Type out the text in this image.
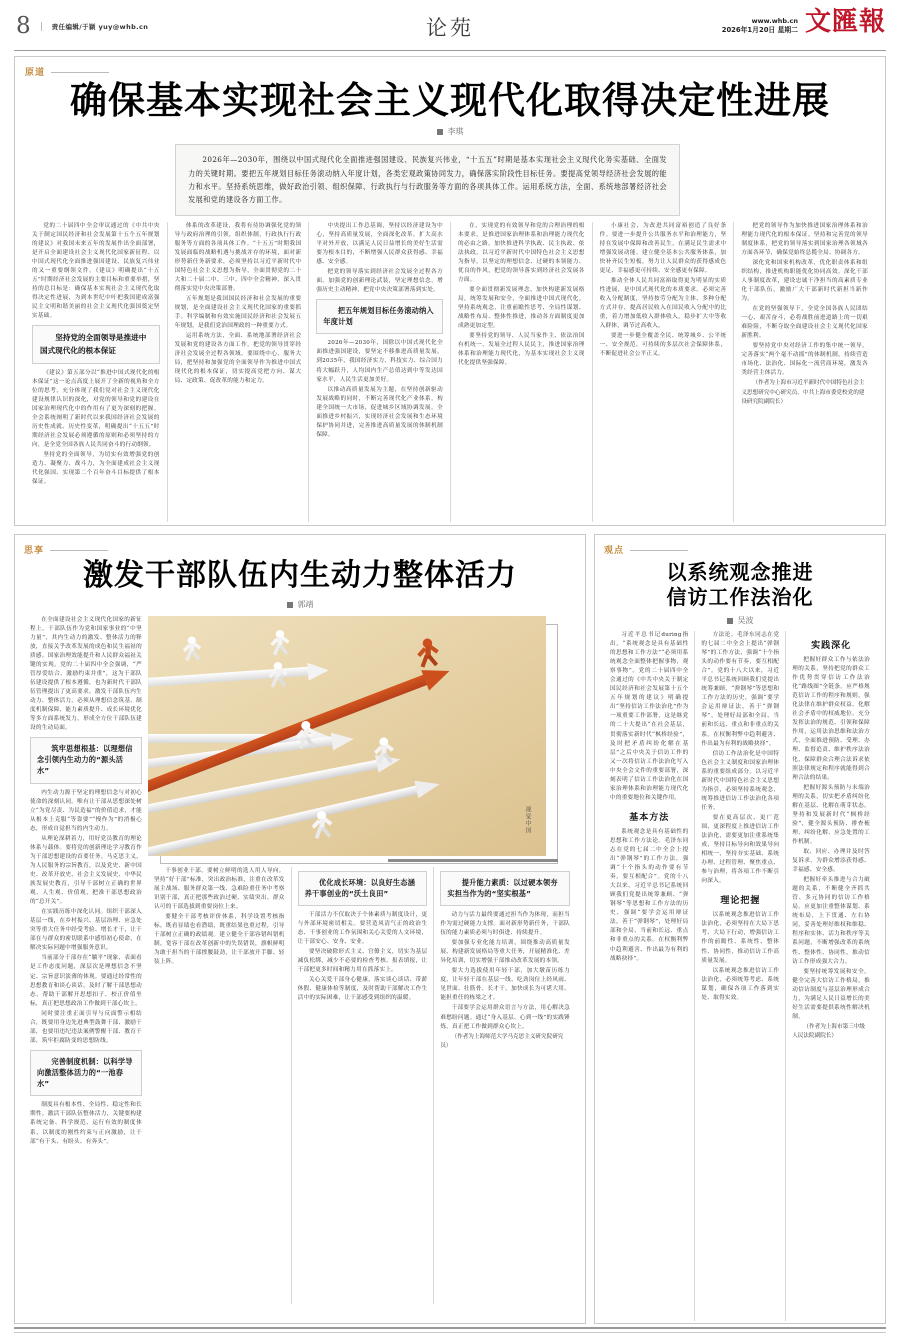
8	责任编辑/于颖 yuy@whb.cn	论苑	www.whb.cn
2026年1月20日 星期二 文匯報
原道
确保基本实现社会主义现代化取得决定性进展
李琪
2026年—2030年，围绕以中国式现代化全面推进强国建设、民族复兴伟业，“十五五”时期是基本实现社会主义现代化务实基础、全面发力的关键时期。要把五年规划目标任务滚动纳入年度计划，各类宏观政策协同发力，确保落实阶段性目标任务。要提高党领导经济社会发展的能力和水平。坚持系统思维，做好政治引领、组织保障、行政执行与行政服务等方面的各项具体工作。运用系统方法，全面、系统地部署经济社会发展和党的建设各方面工作。

党的二十届四中全会审议通过的《中共中央关于制定国民经济和社会发展第十五个五年规划的建议》对我国未来五年的发展作出全面部署，是开启全面建设社会主义现代化国家新征程、以中国式现代化全面推进强国建设、民族复兴伟业的又一重要纲领文件。《建议》明确提出“十五五”时期经济社会发展的主要目标和重要举措，坚持的总目标是：确保基本实现社会主义现代化取得决定性进展，为到本世纪中叶把我国建成富强民主文明和谐美丽的社会主义现代化强国奠定坚实基础。

坚持党的全面领导是推进中国式现代化的根本保证

《建议》第五部分以“推进中国式现代化的根本保证”这一论点高度上展开了全新的视角和全方位的思考，充分体现了我们党对社会主义现代化建设规律认识的深化，对党的领导和党的建设在国家治理现代化中的作用有了更为深刻的把握。全会系统阐明了新时代以来我国经济社会发展的历史性成就、历史性变革，明确提出“十五五”时期经济社会发展必须遵循的原则和必须坚持的方向，是全党全国各族人民共同奋斗的行动纲领。

坚持党的全面领导，为切实有效增强党的创造力、凝聚力、战斗力，为全面建成社会主义现代化强国、实现第二个百年奋斗目标提供了根本保证。

体系的改革建设，我将有待协调强化党的领导与政府治理的引领，组织体制，行政执行行政服务等方面的各项具体工作。“十五五”时期我国发展面临的战略机遇与挑战并存的环境，面对新形势新任务新要求，必须坚持以习近平新时代中国特色社会主义思想为指导，全面贯彻党的二十大和二十届二中、三中、四中全会精神，深入贯彻落实党中央决策部署。

五年规划是我国国民经济和社会发展的重要规划，是全面建设社会主义现代化国家的重要抓手。科学编制和有效实施国民经济和社会发展五年规划，是我们党治国理政的一种重要方式。

运用系统方法，全面、系统地部署经济社会发展和党的建设各方面工作，把党的领导贯穿经济社会发展全过程各领域。要围绕中心、服务大局，把坚持和加强党的全面领导作为推进中国式现代化的根本保证，切实提高党把方向、谋大局、定政策、促改革的能力和定力。

中央提出工作总基调，坚持以经济建设为中心，坚持高质量发展，全面深化改革，扩大高水平对外开放，以满足人民日益增长的美好生活需要为根本目的，不断增强人民群众获得感、幸福感、安全感。

把党的领导落实到经济社会发展全过程各方面。加强党的创新理论武装，坚定理想信念，增强历史主动精神，把党中央决策部署落到实处。

把五年规划目标任务滚动纳入年度计划

2026年—2030年，国除以中国式现代化全面推进强国建设，要坚定不移推进高质量发展。到2035年，我国经济实力、科技实力、综合国力将大幅跃升，人均国内生产总值达到中等发达国家水平，人民生活更加美好。

以推动高质量发展为主题，在坚持创新驱动发展战略的同时，不断完善现代化产业体系，构建全国统一大市场，促进城乡区域协调发展，全面推进乡村振兴，实现经济社会发展和生态环境保护协同并进，完善推进高质量发展的体制机制保障。

在，实现党的有效领导和党的合理治理的根本要求，是推进国家治理体系和治理能力现代化的必由之路。加快推进科学执政、民主执政、依法执政。以习近平新时代中国特色社会主义思想为指导，以坚定的理想信念、过硬的本领能力、优良的作风，把党的领导落实到经济社会发展各方面。

要全面贯彻新发展理念，加快构建新发展格局，统筹发展和安全，全面推进中国式现代化。坚持系统观念，注重前瞻性思考、全局性谋划、战略性布局、整体性推进，推动各方面制度更加成熟更加定型。

要坚持党的领导、人民当家作主、依法治国有机统一，发展全过程人民民主，推进国家治理体系和治理能力现代化，为基本实现社会主义现代化提供坚强保障。

小康社会，为改进共同富裕创造了良好条件。要进一步提升公共服务水平和治理能力，坚持在发展中保障和改善民生，在满足民生需求中增强发展动能。建立健全基本公共服务体系，加快补齐民生短板，努力让人民群众的获得感成色更足、幸福感更可持续、安全感更有保障。

推动全体人民共同富裕取得更为明显的实质性进展，是中国式现代化的本质要求。必须完善收入分配制度，坚持按劳分配为主体、多种分配方式并存，提高居民收入在国民收入分配中的比重，着力增加低收入群体收入，稳步扩大中等收入群体，调节过高收入。

要进一步健全覆盖全民、统筹城乡、公平统一、安全规范、可持续的多层次社会保障体系，不断促进社会公平正义。

把党的领导作为加快推进国家治理体系和治理能力现代化的根本保证。坚持和完善党的领导制度体系，把党的领导落实到国家治理各领域各方面各环节，确保党始终总揽全局、协调各方。

深化党和国家机构改革，优化职责体系和组织结构，推进机构职能优化协同高效。深化干部人事制度改革，建设忠诚干净担当的高素质专业化干部队伍，激励广大干部新时代新担当新作为。

在党的坚强领导下，全党全国各族人民团结一心、艰苦奋斗，必将战胜前进道路上的一切艰难险阻，不断夺取全面建设社会主义现代化国家新胜利。

要坚持党中央对经济工作的集中统一领导，完善落实“两个毫不动摇”的体制机制，持续营造市场化、法治化、国际化一流营商环境，激发各类经营主体活力。

（作者为上海市习近平新时代中国特色社会主义思想研究中心研究员，中共上海市委党校党的建设研究院副院长）
思享
激发干部队伍内生动力整体活力
郭靖

在全面建设社会主义现代化国家的新征程上，干部队伍作为党和国家事业的“中坚力量”，其内生动力的激发、整体活力的释放，直接关乎改革发展的成色和民生福祉的质感。国家治理效能提升和人民群众福祉关键的实现。党的二十届四中全会强调，“严管厚爱结合、激励约束并重”，这为干部队伍建设提供了根本遵循，也为新时代干部队伍管理提出了更高要求。激发干部队伍内生动力、整体活力，必须从理想信念筑基、制度机制保障、能力素质提升、成长环境优化等多方面系统发力，形成全方位干部队伍建设的生动局面。

筑牢思想根基：以理想信念引领内生动力的“源头活水”

内生动力源于坚定的理想信念与对初心使命的深刻认同。唯有让干部从思想深处树立“为党尽责、为民造福”的价值追求，才能从根本上克服“等靠要”“慢作为”的消极心态，形成自觉担当的内生动力。

从理论深耕着力，用好党员教育的理论体系与载体。要将党的创新理论学习教育作为干部思想建设的首要任务。马克思主义，为人民服务的宗旨教育，以及党史、新中国史、改革开放史、社会主义发展史、中华民族发展史教育，引导干部树立正确的世界观、人生观、价值观，把准干部思想政治的“总开关”。

在实践历练中深化认同。组织干部深入基层一线，在乡村振兴、基层治理、应急处突等重大任务中经受考验、增长才干，让干部在与群众的密切联系中感悟初心使命，在解决实际问题中增强服务意识。

当前部分干部存在“躺平”现象，表面看是工作态度问题，深层次是理想信念不坚定、宗旨意识淡薄的体现。要通过经常性的思想教育和谈心谈话，及时了解干部思想动态，帮助干部解开思想扣子、校正价值坐标，真正把思想政治工作做到干部心坎上。

同时要注重正面引导与反面警示相结合，既要用身边先进典型鼓舞干部、激励干部，也要用违纪违法案例警醒干部、教育干部，筑牢拒腐防变的思想防线。

完善制度机制：以科学导向激活整体活力的“一池春水”

制度具有根本性、全局性、稳定性和长期性。激活干部队伍整体活力，关键要构建系统完备、科学规范、运行有效的制度体系，以制度的刚性约束与正向激励，让干部“有干头、有盼头、有奔头”。

视觉中国

干事创业干部，要树立鲜明的选人用人导向。坚持“好干部”标准，突出政治标准，注重在改革发展主战场、服务群众第一线、急难险重任务中考察识别干部，真正把那些政治过硬、实绩突出、群众认可的干部选拔到重要岗位上来。

要健全干部考核评价体系，科学设置考核指标，既看显绩也看潜绩，既重结果也重过程，引导干部树立正确的政绩观。建立健全干部容错纠错机制，宽容干部在改革创新中的失误错误，旗帜鲜明为敢于担当的干部撑腰鼓劲，让干部放开手脚、轻装上阵。

优化成长环境：以良好生态涵养干事创业的“沃土良田”

干部活力不仅取决于个体素质与制度设计，更与外部环境密切相关。要营造风清气正的政治生态、干事创业的工作氛围和关心关爱的人文环境，让干部安心、安身、安业。

要坚决破除形式主义、官僚主义，切实为基层减负松绑，减少不必要的检查考核、报表填报，让干部把更多时间和精力用在抓落实上。

关心关爱干部身心健康，落实谈心谈话、带薪休假、健康体检等制度，及时帮助干部解决工作生活中的实际困难，让干部感受到组织的温暖。

提升能力素质：以过硬本领夯实担当作为的“坚实根基”

动力与活力最终要通过担当作为体现，而担当作为需过硬能力支撑。面对新形势新任务，干部队伍的能力素质必须与时俱进、持续提升。

要加强专业化能力培训，围绕推动高质量发展、构建新发展格局等重大任务，开展精准化、差异化培训，切实增强干部推动改革发展的本领。

要大力选拔使用年轻干部，加大墩苗历练力度，让年轻干部在基层一线、吃劲岗位上经风雨、见世面、壮筋骨、长才干，加快成长为可堪大用、能担重任的栋梁之才。

干部要学会运用群众语言与方法，用心解决急难愁盼问题。通过“身入基层、心到一线”的实践锤炼，真正把工作做到群众心坎上。

（作者为上海师范大学马克思主义研究院研究员）
观点
以系统观念推进
信访工作法治化
吴波

习近平总书记during指出，“系统观念是具有基础性的思想和工作方法”“必须用系统观念全面整体把握事物，观察事物”。党的二十届四中全会通过的《中共中央关于制定国民经济和社会发展第十五个五年规划的建议》明确提出“坚持信访工作法治化”作为一项重要工作部署，这是继党的二十大提出“在社会基层，贯彻落实新时代“枫桥经验”，及时把矛盾纠纷化解在基层”之后中央关于信访工作的又一次将信访工作法治化写入中央全会文件的重要部署，深刻表明了信访工作法治化在国家治理体系和治理能力现代化中的重要地位和关键作用。

基本方法

系统观念是具有基础性的思想和工作方法论。毛泽东同志在党的七届二中全会上提出“弹钢琴”的工作方法，强调“十个指头的动作要有节奏，要互相配合”。党的十八大以来，习近平总书记系统回顾我们党提出统筹兼顾、“弹钢琴”等思想和工作方法的历史，强调“要学会运用辩证法，善于“弹钢琴”，处理好局部和全局、当前和长远、重点和非重点的关系。在权衡利弊中趋利避害、作出最为有利的战略抉择”。

方法论。毛泽东同志在党的七届二中全会上提出“弹钢琴”的工作方法，强调“十个指头的动作要有节奏，要互相配合”。党的十八大以来，习近平总书记系统回顾我们党提出统筹兼顾、“弹钢琴”等思想和工作方法的历史，强调“要学会运用辩证法，善于“弹钢琴”，处理好局部和全局、当前和长远、重点和非重点的关系。在权衡利弊中趋利避害、作出最为有利的战略抉择”。

信访工作法治化是中国特色社会主义制度和国家治理体系的重要组成部分。以习近平新时代中国特色社会主义思想为指引，必须坚持系统观念，统筹推进信访工作法治化各项任务。

要在更高层次、更广范围、更深程度上推进信访工作法治化，需要更加注重系统集成，坚持目标导向和效果导向相统一，坚持夯实基础、系统办理、过程管理、聚焦重点、参与治理，将各项工作不断引向深入。

理论把握

以系统观念推进信访工作法治化，必须坚持在大局下思考、大局下行动，增强信访工作的前瞻性、系统性、整体性、协同性，推动信访工作高质量发展。

以系统观念推进信访工作法治化，必须统筹考虑、系统谋划，确保各项工作落到实处、取得实效。

实践深化

把握好群众工作与依法治理的关系，坚持把党的群众工作优势贯穿信访工作法治化“路线图”全链条。应严格规范信访工作的程序和规则，强化法律在维护群众权益、化解社会矛盾中的权威地位。充分发挥法治的规范、引领和保障作用，运用法治思维和法治方式，全面推进预防、受理、办理、监督追责、维护秩序法治化，保障群众合理合法诉求依照法律规定和程序就能得到合理合法的结果。

把握好源头预防与末端治理的关系，切实把矛盾纠纷化解在基层、化解在萌芽状态。坚持和发展新时代“枫桥经验”，健全源头预防、排查梳理、纠纷化解、应急处置的工作机制。

取、回应、办理并及时答复诉求，为群众增添获得感、幸福感、安全感。

把握好牵头推进与合力破题的关系，不断健全齐抓共管、多元协同的信访工作格局。应更加注重整体谋划、系统布局，上下贯通、左右协同，妥善处理好维权和维稳、程序和实体、活力和秩序等关系问题，不断增强改革的系统性、整体性、协同性，推动信访工作形成强大合力。

要坚持统筹发展和安全，健全完善大信访工作格局，推动信访制度与基层治理形成合力，为满足人民日益增长的美好生活需要提供系统性解决机制。

（作者为上海市第三中级人民法院副院长）
